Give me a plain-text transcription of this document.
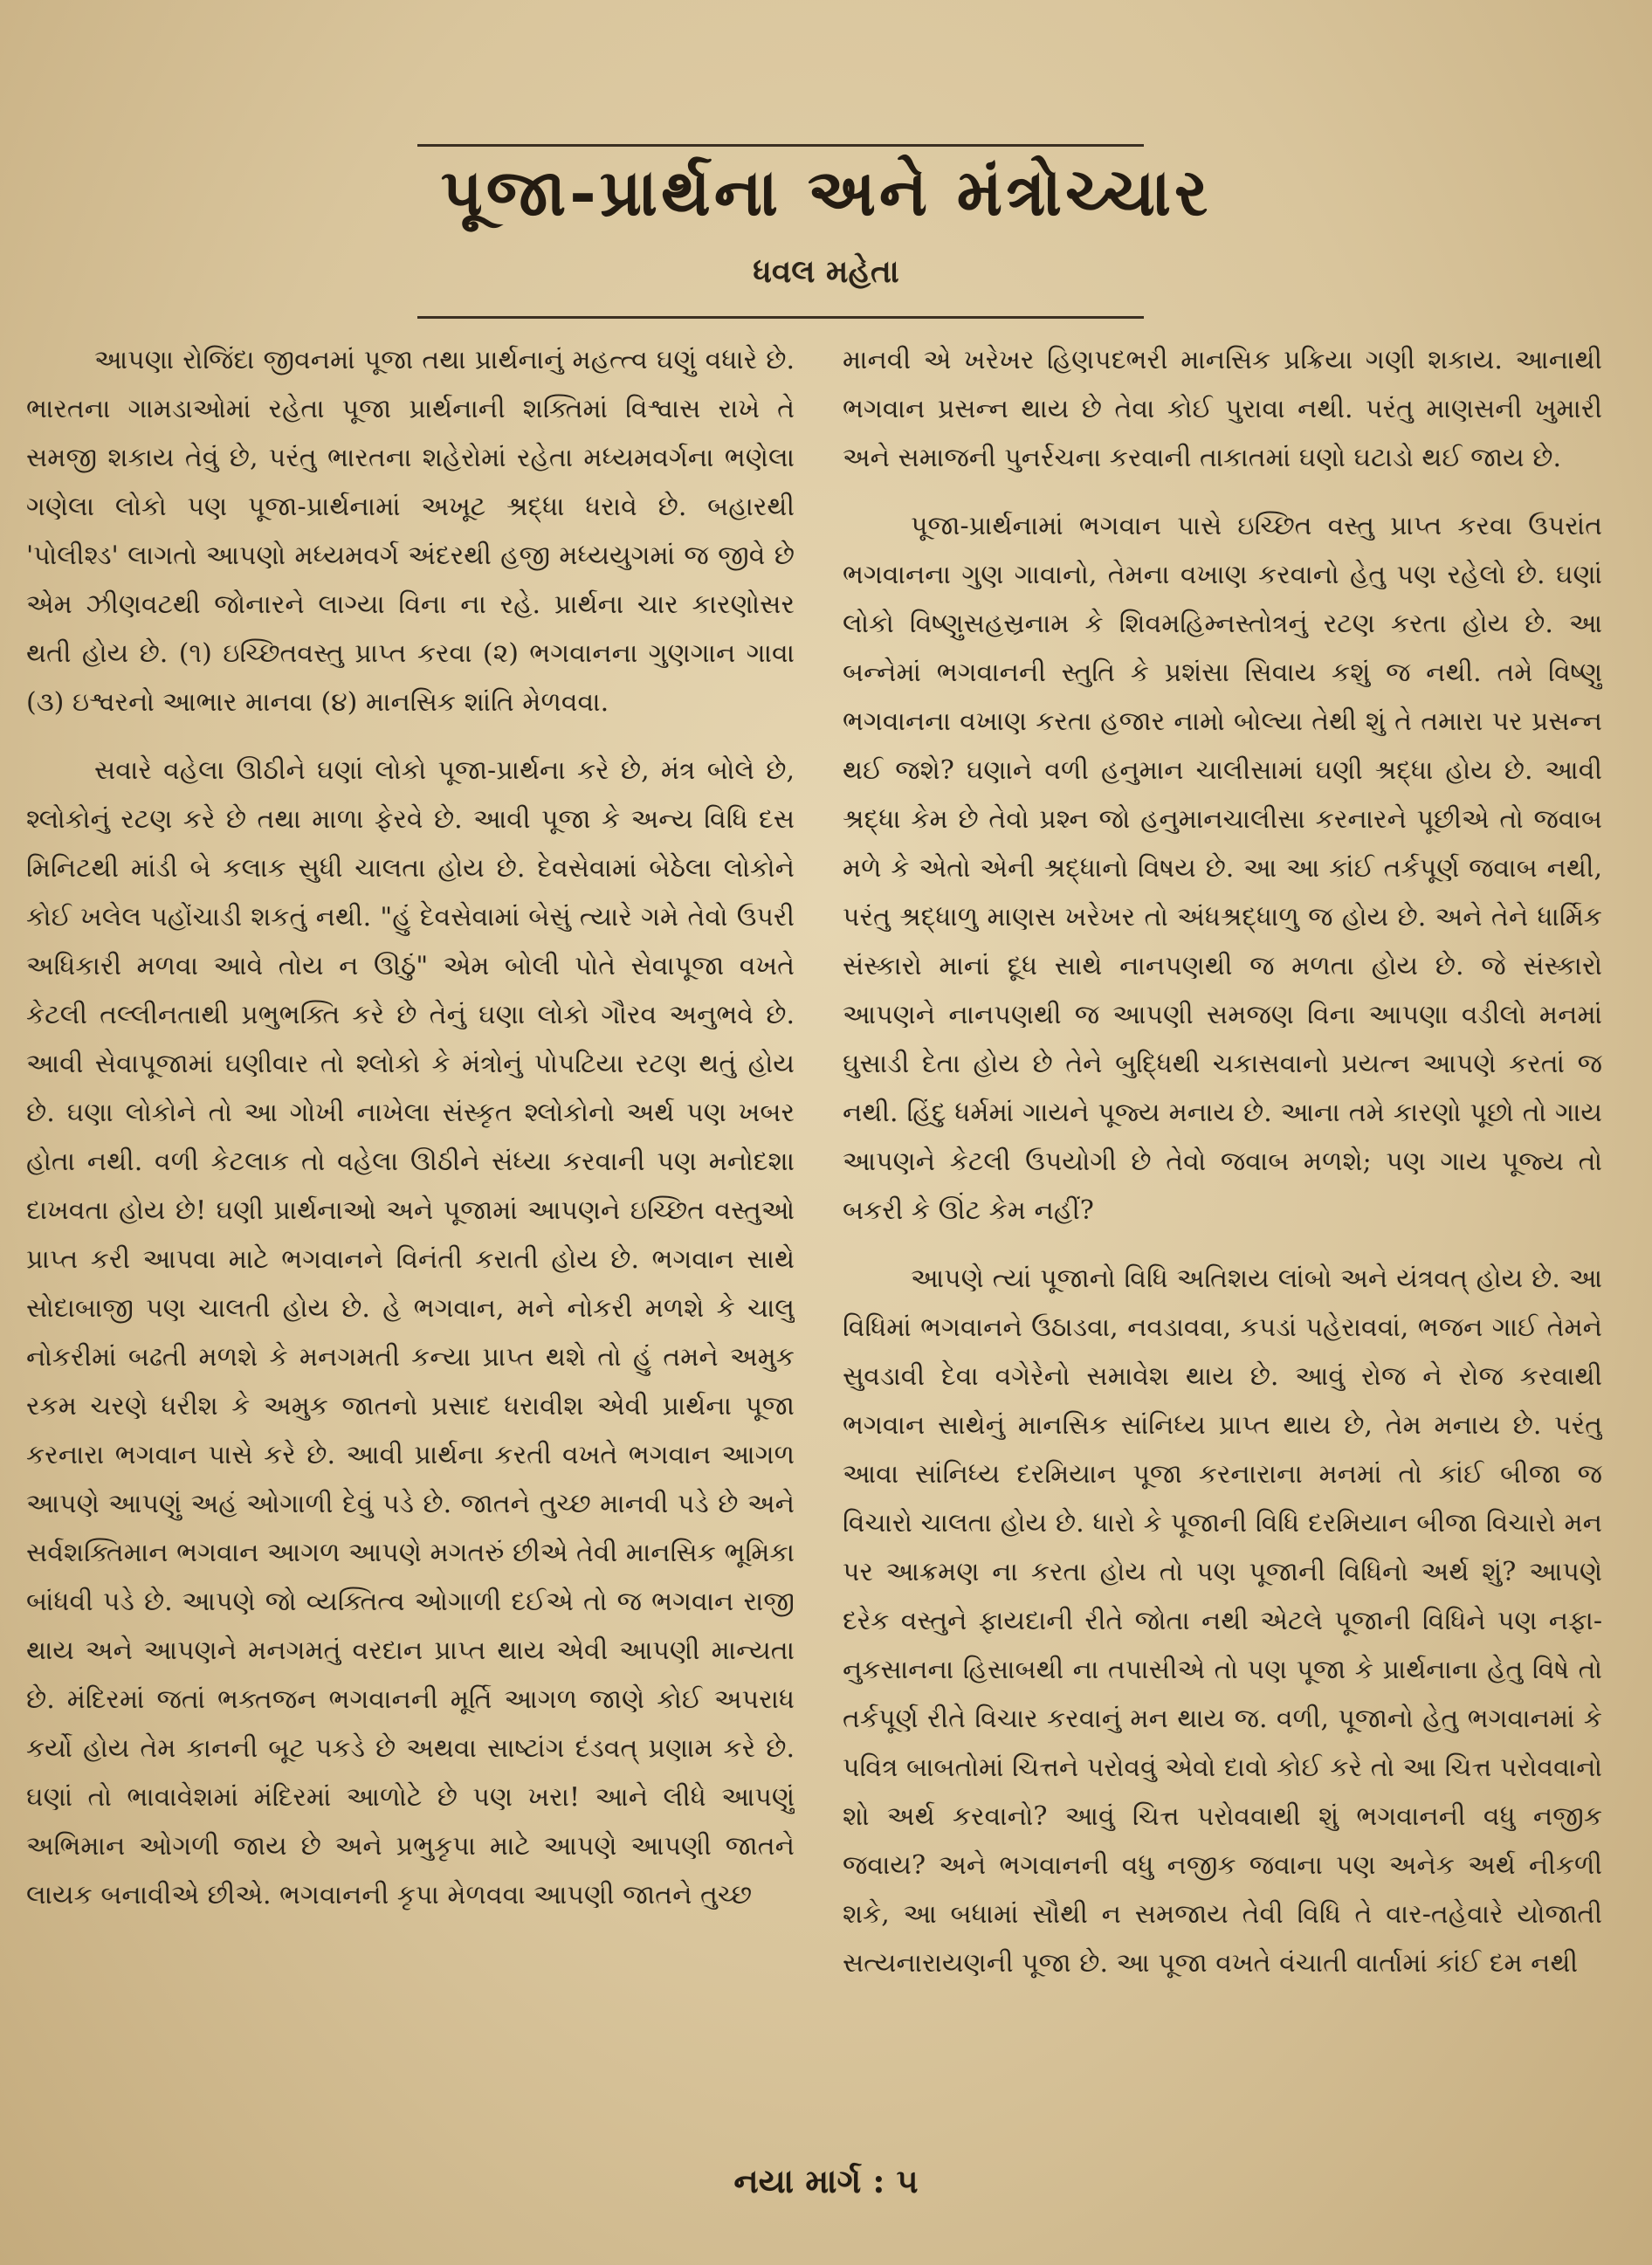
પૂજા-પ્રાર્થના અને મંત્રોચ્ચાર
ધવલ મહેતા

આપણા રોજિંદા જીવનમાં પૂજા તથા પ્રાર્થનાનું મહત્ત્વ ઘણું વધારે છે. ભારતના ગામડાઓમાં રહેતા પૂજા પ્રાર્થનાની શક્તિમાં વિશ્વાસ રાખે તે સમજી શકાય તેવું છે, પરંતુ ભારતના શહેરોમાં રહેતા મધ્યમવર્ગના ભણેલા ગણેલા લોકો પણ પૂજા-પ્રાર્થનામાં અખૂટ શ્રદ્ધા ધરાવે છે. બહારથી 'પોલીશ્ડ' લાગતો આપણો મધ્યમવર્ગ અંદરથી હજી મધ્યયુગમાં જ જીવે છે એમ ઝીણવટથી જોનારને લાગ્યા વિના ના રહે. પ્રાર્થના ચાર કારણોસર થતી હોય છે. (૧) ઇચ્છિતવસ્તુ પ્રાપ્ત કરવા (૨) ભગવાનના ગુણગાન ગાવા (૩) ઇશ્વરનો આભાર માનવા (૪) માનસિક શાંતિ મેળવવા.

સવારે વહેલા ઊઠીને ઘણાં લોકો પૂજા-પ્રાર્થના કરે છે, મંત્ર બોલે છે, શ્લોકોનું રટણ કરે છે તથા માળા ફેરવે છે. આવી પૂજા કે અન્ય વિધિ દસ મિનિટથી માંડી બે કલાક સુધી ચાલતા હોય છે. દેવસેવામાં બેઠેલા લોકોને કોઈ ખલેલ પહોંચાડી શકતું નથી. "હું દેવસેવામાં બેસું ત્યારે ગમે તેવો ઉપરી અધિકારી મળવા આવે તોય ન ઊઠું" એમ બોલી પોતે સેવાપૂજા વખતે કેટલી તલ્લીનતાથી પ્રભુભક્તિ કરે છે તેનું ઘણા લોકો ગૌરવ અનુભવે છે. આવી સેવાપૂજામાં ઘણીવાર તો શ્લોકો કે મંત્રોનું પોપટિયા રટણ થતું હોય છે. ઘણા લોકોને તો આ ગોખી નાખેલા સંસ્કૃત શ્લોકોનો અર્થ પણ ખબર હોતા નથી. વળી કેટલાક તો વહેલા ઊઠીને સંધ્યા કરવાની પણ મનોદશા દાખવતા હોય છે! ઘણી પ્રાર્થનાઓ અને પૂજામાં આપણને ઇચ્છિત વસ્તુઓ પ્રાપ્ત કરી આપવા માટે ભગવાનને વિનંતી કરાતી હોય છે. ભગવાન સાથે સોદાબાજી પણ ચાલતી હોય છે. હે ભગવાન, મને નોકરી મળશે કે ચાલુ નોકરીમાં બઢતી મળશે કે મનગમતી કન્યા પ્રાપ્ત થશે તો હું તમને અમુક રકમ ચરણે ધરીશ કે અમુક જાતનો પ્રસાદ ધરાવીશ એવી પ્રાર્થના પૂજા કરનારા ભગવાન પાસે કરે છે. આવી પ્રાર્થના કરતી વખતે ભગવાન આગળ આપણે આપણું અહં ઓગાળી દેવું પડે છે. જાતને તુચ્છ માનવી પડે છે અને સર્વશક્તિમાન ભગવાન આગળ આપણે મગતરું છીએ તેવી માનસિક ભૂમિકા બાંધવી પડે છે. આપણે જો વ્યક્તિત્વ ઓગાળી દઈએ તો જ ભગવાન રાજી થાય અને આપણને મનગમતું વરદાન પ્રાપ્ત થાય એવી આપણી માન્યતા છે. મંદિરમાં જતાં ભક્તજન ભગવાનની મૂર્તિ આગળ જાણે કોઈ અપરાધ કર્યો હોય તેમ કાનની બૂટ પકડે છે અથવા સાષ્ટાંગ દંડવત્ પ્રણામ કરે છે. ઘણાં તો ભાવાવેશમાં મંદિરમાં આળોટે છે પણ ખરા! આને લીધે આપણું અભિમાન ઓગળી જાય છે અને પ્રભુકૃપા માટે આપણે આપણી જાતને લાયક બનાવીએ છીએ. ભગવાનની કૃપા મેળવવા આપણી જાતને તુચ્છ

માનવી એ ખરેખર હિણપદભરી માનસિક પ્રક્રિયા ગણી શકાય. આનાથી ભગવાન પ્રસન્ન થાય છે તેવા કોઈ પુરાવા નથી. પરંતુ માણસની ખુમારી અને સમાજની પુનર્રચના કરવાની તાકાતમાં ઘણો ઘટાડો થઈ જાય છે.

પૂજા-પ્રાર્થનામાં ભગવાન પાસે ઇચ્છિત વસ્તુ પ્રાપ્ત કરવા ઉપરાંત ભગવાનના ગુણ ગાવાનો, તેમના વખાણ કરવાનો હેતુ પણ રહેલો છે. ઘણાં લોકો વિષ્ણુસહસ્રનામ કે શિવમહિમ્નસ્તોત્રનું રટણ કરતા હોય છે. આ બન્નેમાં ભગવાનની સ્તુતિ કે પ્રશંસા સિવાય કશું જ નથી. તમે વિષ્ણુ ભગવાનના વખાણ કરતા હજાર નામો બોલ્યા તેથી શું તે તમારા પર પ્રસન્ન થઈ જશે? ઘણાને વળી હનુમાન ચાલીસામાં ઘણી શ્રદ્ધા હોય છે. આવી શ્રદ્ધા કેમ છે તેવો પ્રશ્ન જો હનુમાનચાલીસા કરનારને પૂછીએ તો જવાબ મળે કે એતો એની શ્રદ્ધાનો વિષય છે. આ આ કાંઈ તર્કપૂર્ણ જવાબ નથી, પરંતુ શ્રદ્ધાળુ માણસ ખરેખર તો અંધશ્રદ્ધાળુ જ હોય છે. અને તેને ધાર્મિક સંસ્કારો માનાં દૂધ સાથે નાનપણથી જ મળતા હોય છે. જે સંસ્કારો આપણને નાનપણથી જ આપણી સમજણ વિના આપણા વડીલો મનમાં ઘુસાડી દેતા હોય છે તેને બુદ્ધિથી ચકાસવાનો પ્રયત્ન આપણે કરતાં જ નથી. હિંદુ ધર્મમાં ગાયને પૂજ્ય મનાય છે. આના તમે કારણો પૂછો તો ગાય આપણને કેટલી ઉપયોગી છે તેવો જવાબ મળશે; પણ ગાય પૂજ્ય તો બકરી કે ઊંટ કેમ નહીં?

આપણે ત્યાં પૂજાનો વિધિ અતિશય લાંબો અને યંત્રવત્ હોય છે. આ વિધિમાં ભગવાનને ઉઠાડવા, નવડાવવા, કપડાં પહેરાવવાં, ભજન ગાઈ તેમને સુવડાવી દેવા વગેરેનો સમાવેશ થાય છે. આવું રોજ ને રોજ કરવાથી ભગવાન સાથેનું માનસિક સાંનિધ્ય પ્રાપ્ત થાય છે, તેમ મનાય છે. પરંતુ આવા સાંનિધ્ય દરમિયાન પૂજા કરનારાના મનમાં તો કાંઈ બીજા જ વિચારો ચાલતા હોય છે. ધારો કે પૂજાની વિધિ દરમિયાન બીજા વિચારો મન પર આક્રમણ ના કરતા હોય તો પણ પૂજાની વિધિનો અર્થ શું? આપણે દરેક વસ્તુને ફાયદાની રીતે જોતા નથી એટલે પૂજાની વિધિને પણ નફા-નુકસાનના હિસાબથી ના તપાસીએ તો પણ પૂજા કે પ્રાર્થનાના હેતુ વિષે તો તર્કપૂર્ણ રીતે વિચાર કરવાનું મન થાય જ. વળી, પૂજાનો હેતુ ભગવાનમાં કે પવિત્ર બાબતોમાં ચિત્તને પરોવવું એવો દાવો કોઈ કરે તો આ ચિત્ત પરોવવાનો શો અર્થ કરવાનો? આવું ચિત્ત પરોવવાથી શું ભગવાનની વધુ નજીક જવાય? અને ભગવાનની વધુ નજીક જવાના પણ અનેક અર્થ નીકળી શકે, આ બધામાં સૌથી ન સમજાય તેવી વિધિ તે વાર-તહેવારે યોજાતી સત્યનારાયણની પૂજા છે. આ પૂજા વખતે વંચાતી વાર્તામાં કાંઈ દમ નથી

નયા માર્ગ : ૫
